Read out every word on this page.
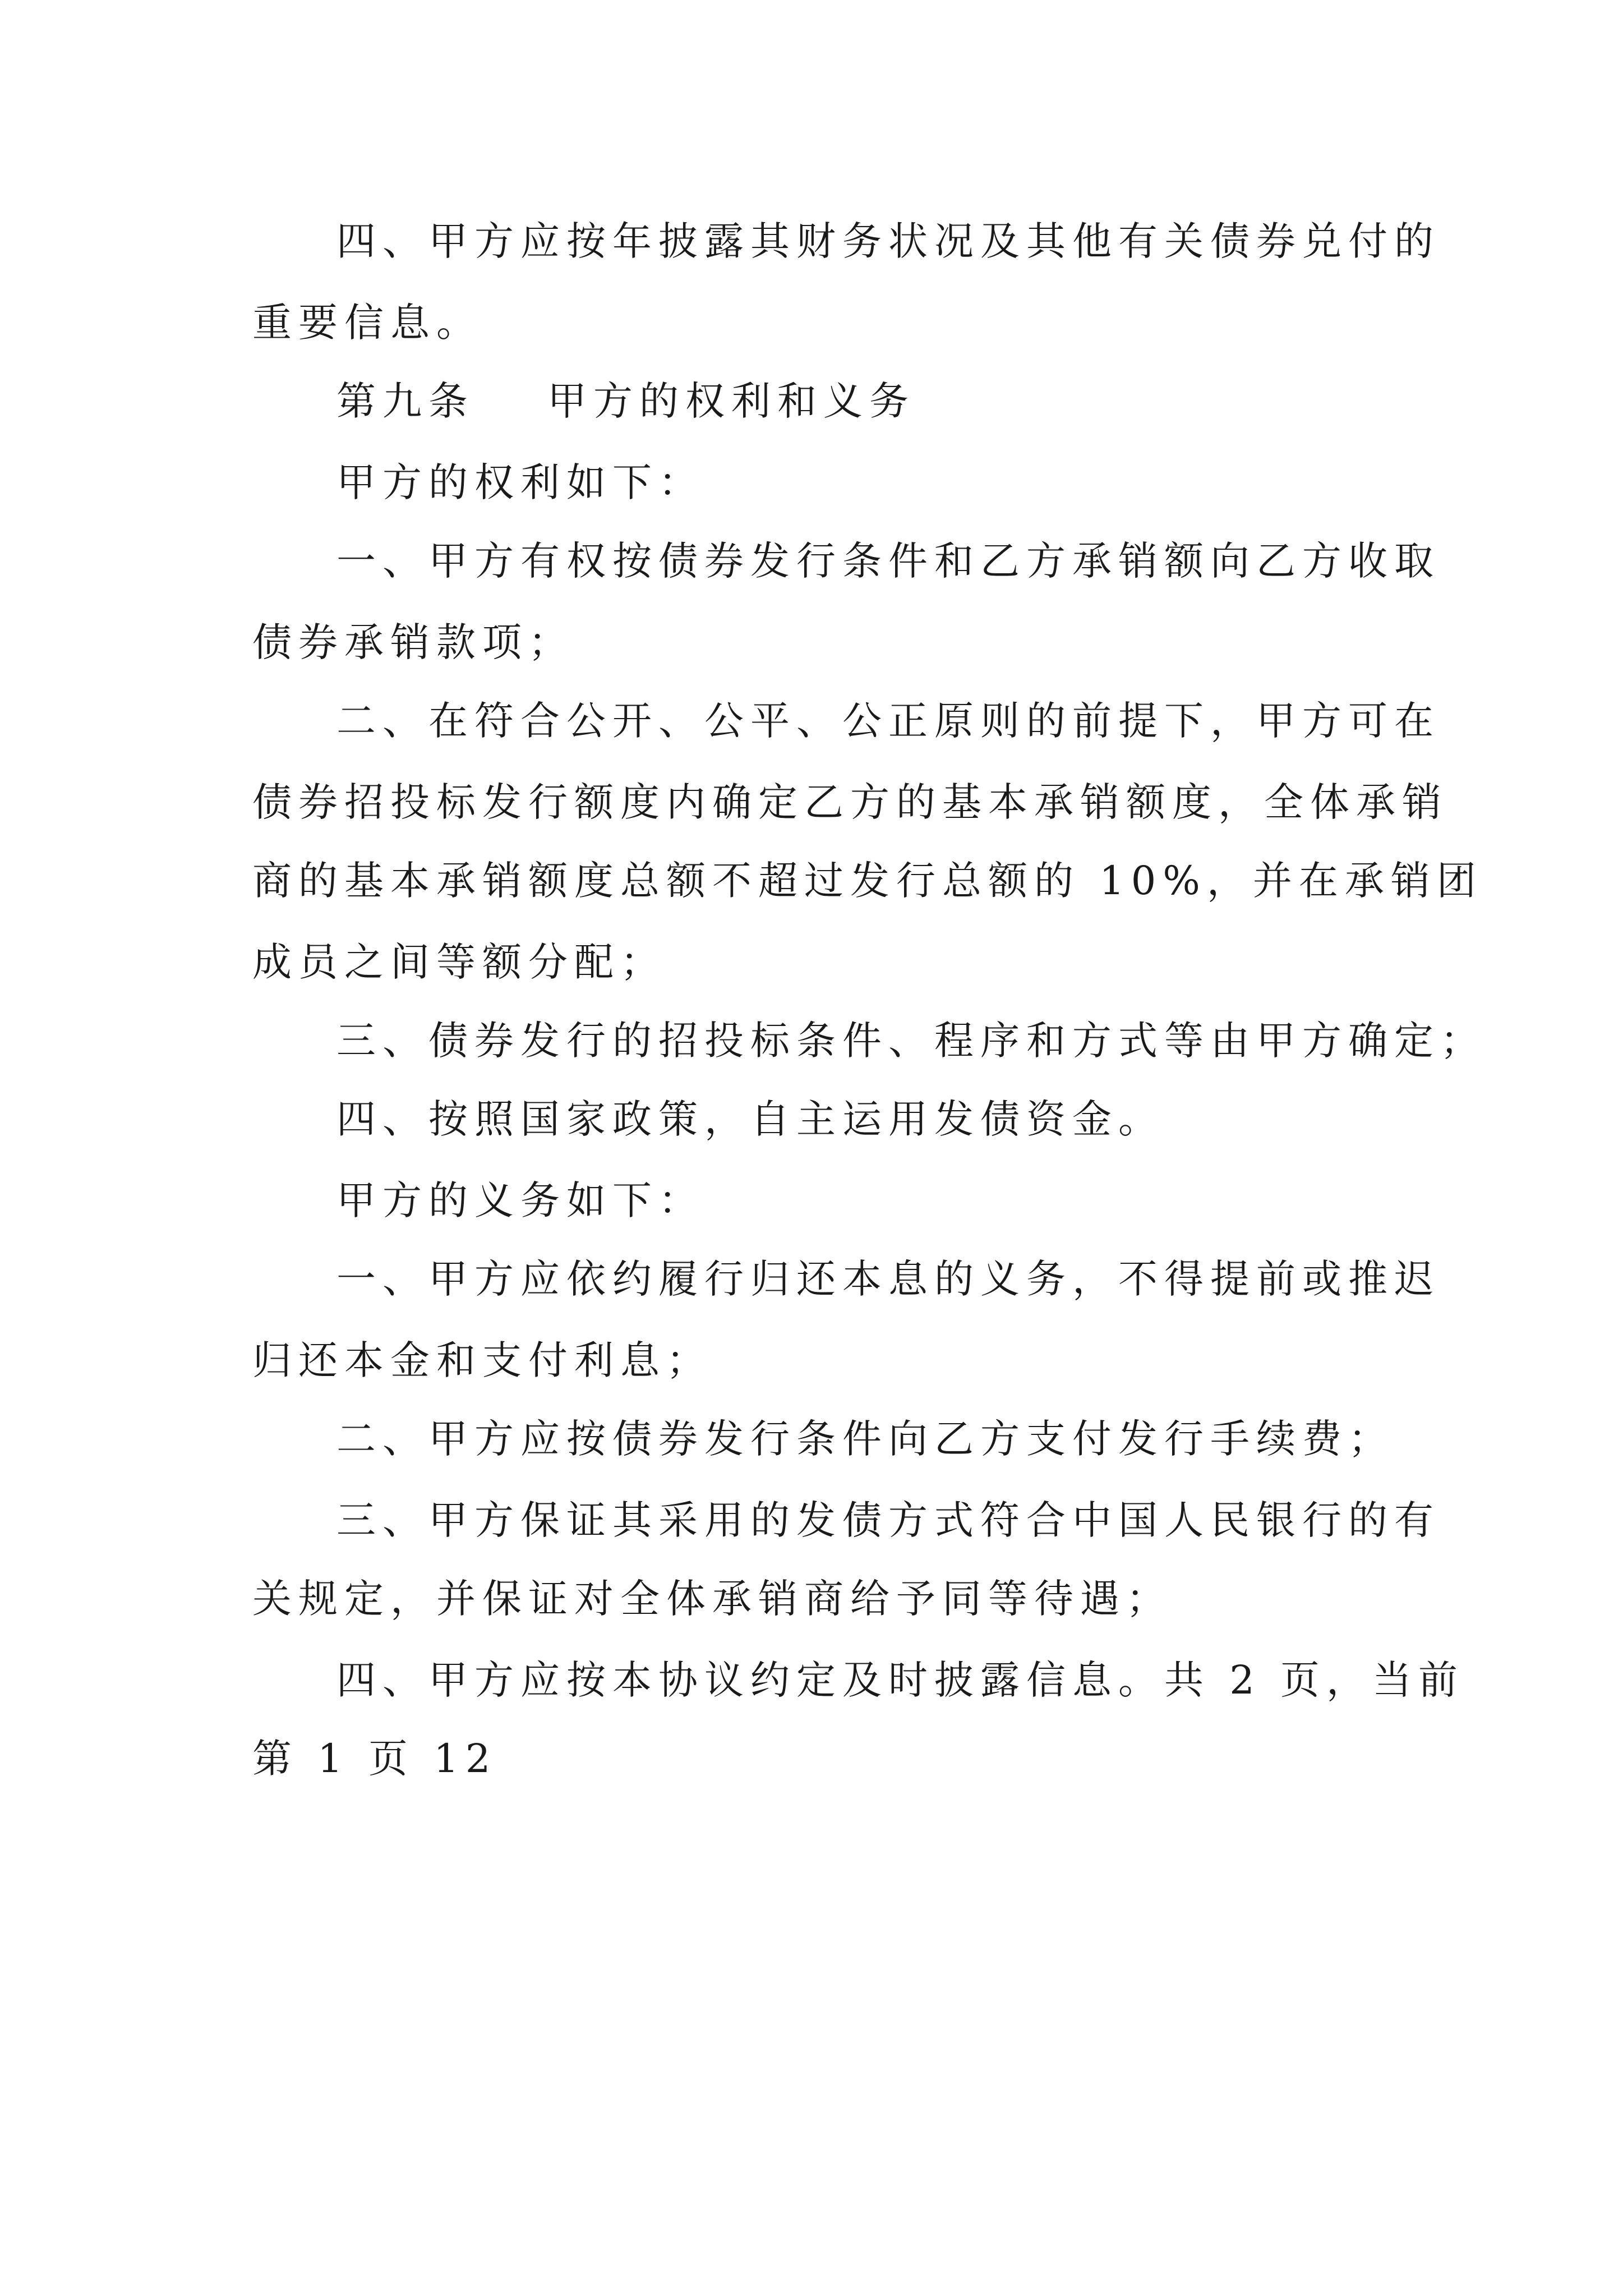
四、甲方应按年披露其财务状况及其他有关债券兑付的
重要信息。
第九条 甲方的权利和义务
甲方的权利如下：
一、甲方有权按债券发行条件和乙方承销额向乙方收取
债券承销款项；
二、在符合公开、公平、公正原则的前提下，甲方可在
债券招投标发行额度内确定乙方的基本承销额度，全体承销
商的基本承销额度总额不超过发行总额的 10%，并在承销团
成员之间等额分配；
三、债券发行的招投标条件、程序和方式等由甲方确定；
四、按照国家政策，自主运用发债资金。
甲方的义务如下：
一、甲方应依约履行归还本息的义务，不得提前或推迟
归还本金和支付利息；
二、甲方应按债券发行条件向乙方支付发行手续费；
三、甲方保证其采用的发债方式符合中国人民银行的有
关规定，并保证对全体承销商给予同等待遇；
四、甲方应按本协议约定及时披露信息。共 2 页，当前
第 1 页 12
